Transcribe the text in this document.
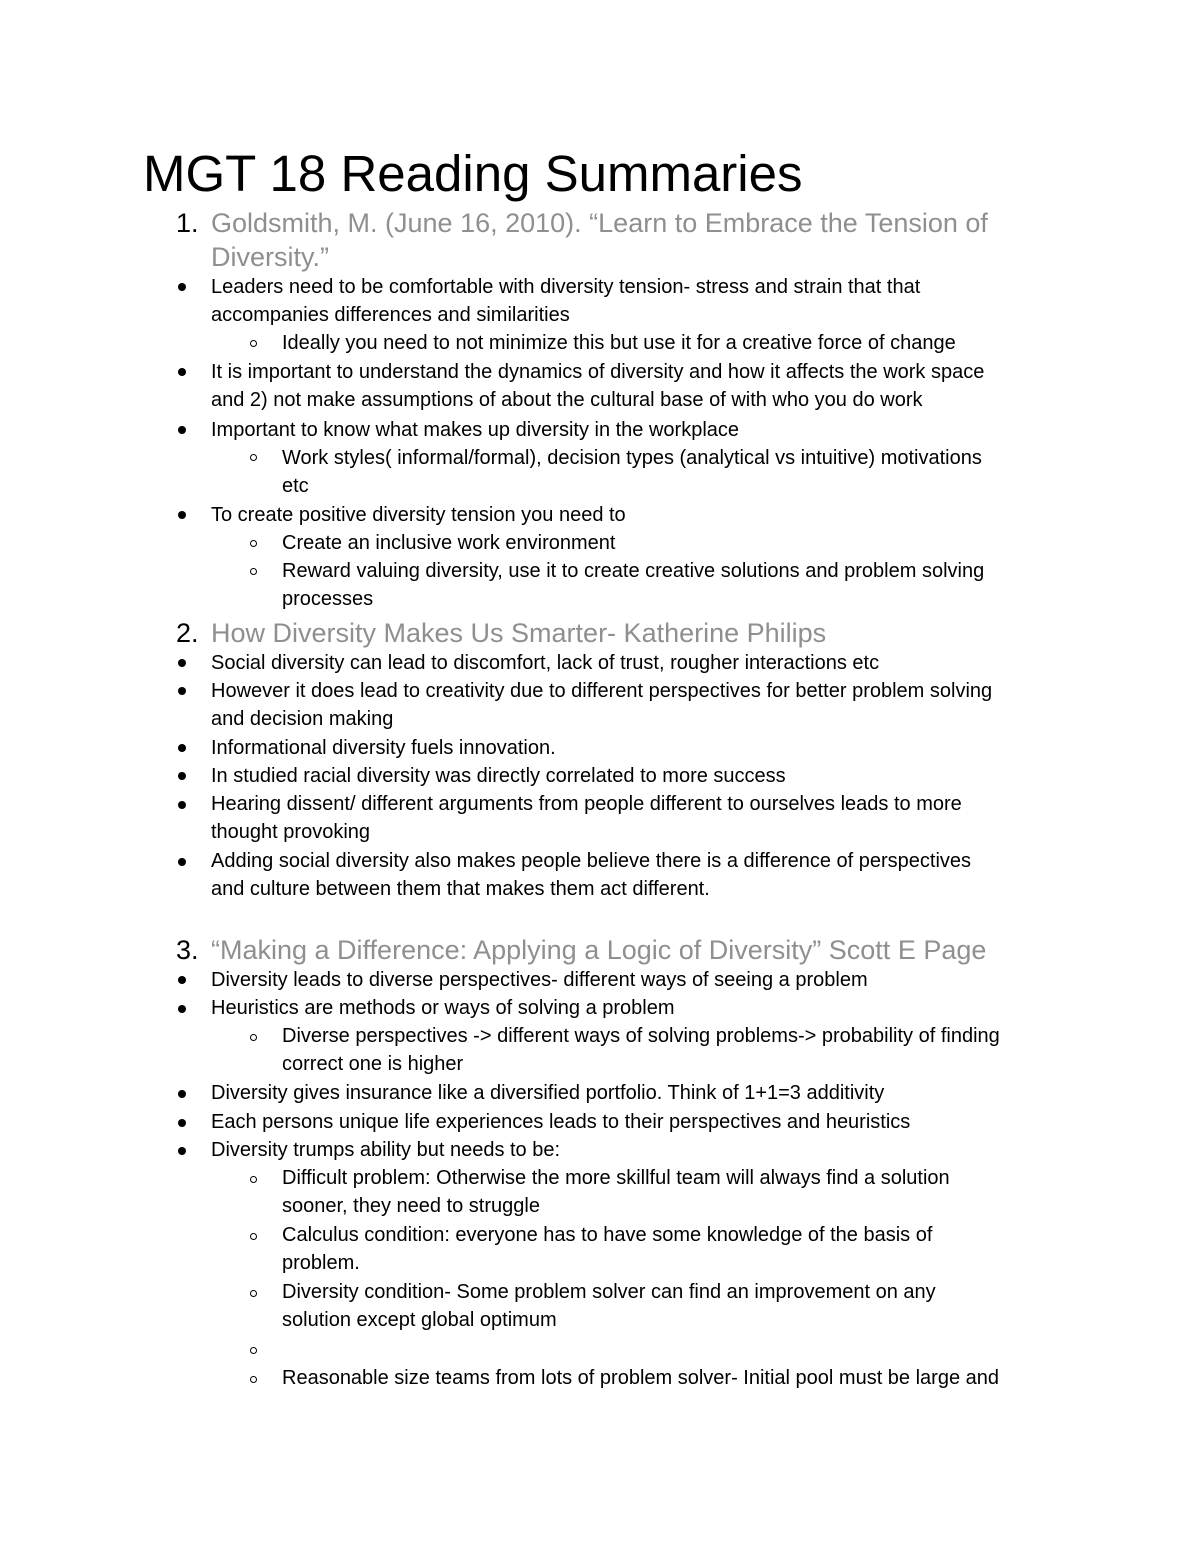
MGT 18 Reading Summaries
1. Goldsmith, M. (June 16, 2010). “Learn to Embrace the Tension of
Diversity.”
Leaders need to be comfortable with diversity tension- stress and strain that that
accompanies differences and similarities
Ideally you need to not minimize this but use it for a creative force of change
It is important to understand the dynamics of diversity and how it affects the work space
and 2) not make assumptions of about the cultural base of with who you do work
Important to know what makes up diversity in the workplace
Work styles( informal/formal), decision types (analytical vs intuitive) motivations
etc
To create positive diversity tension you need to
Create an inclusive work environment
Reward valuing diversity, use it to create creative solutions and problem solving
processes
2. How Diversity Makes Us Smarter- Katherine Philips
Social diversity can lead to discomfort, lack of trust, rougher interactions etc
However it does lead to creativity due to different perspectives for better problem solving
and decision making
Informational diversity fuels innovation.
In studied racial diversity was directly correlated to more success
Hearing dissent/ different arguments from people different to ourselves leads to more
thought provoking
Adding social diversity also makes people believe there is a difference of perspectives
and culture between them that makes them act different.
3. “Making a Difference: Applying a Logic of Diversity” Scott E Page
Diversity leads to diverse perspectives- different ways of seeing a problem
Heuristics are methods or ways of solving a problem
Diverse perspectives -> different ways of solving problems-> probability of finding
correct one is higher
Diversity gives insurance like a diversified portfolio. Think of 1+1=3 additivity
Each persons unique life experiences leads to their perspectives and heuristics
Diversity trumps ability but needs to be:
Difficult problem: Otherwise the more skillful team will always find a solution
sooner, they need to struggle
Calculus condition: everyone has to have some knowledge of the basis of
problem.
Diversity condition- Some problem solver can find an improvement on any
solution except global optimum
Reasonable size teams from lots of problem solver- Initial pool must be large and
